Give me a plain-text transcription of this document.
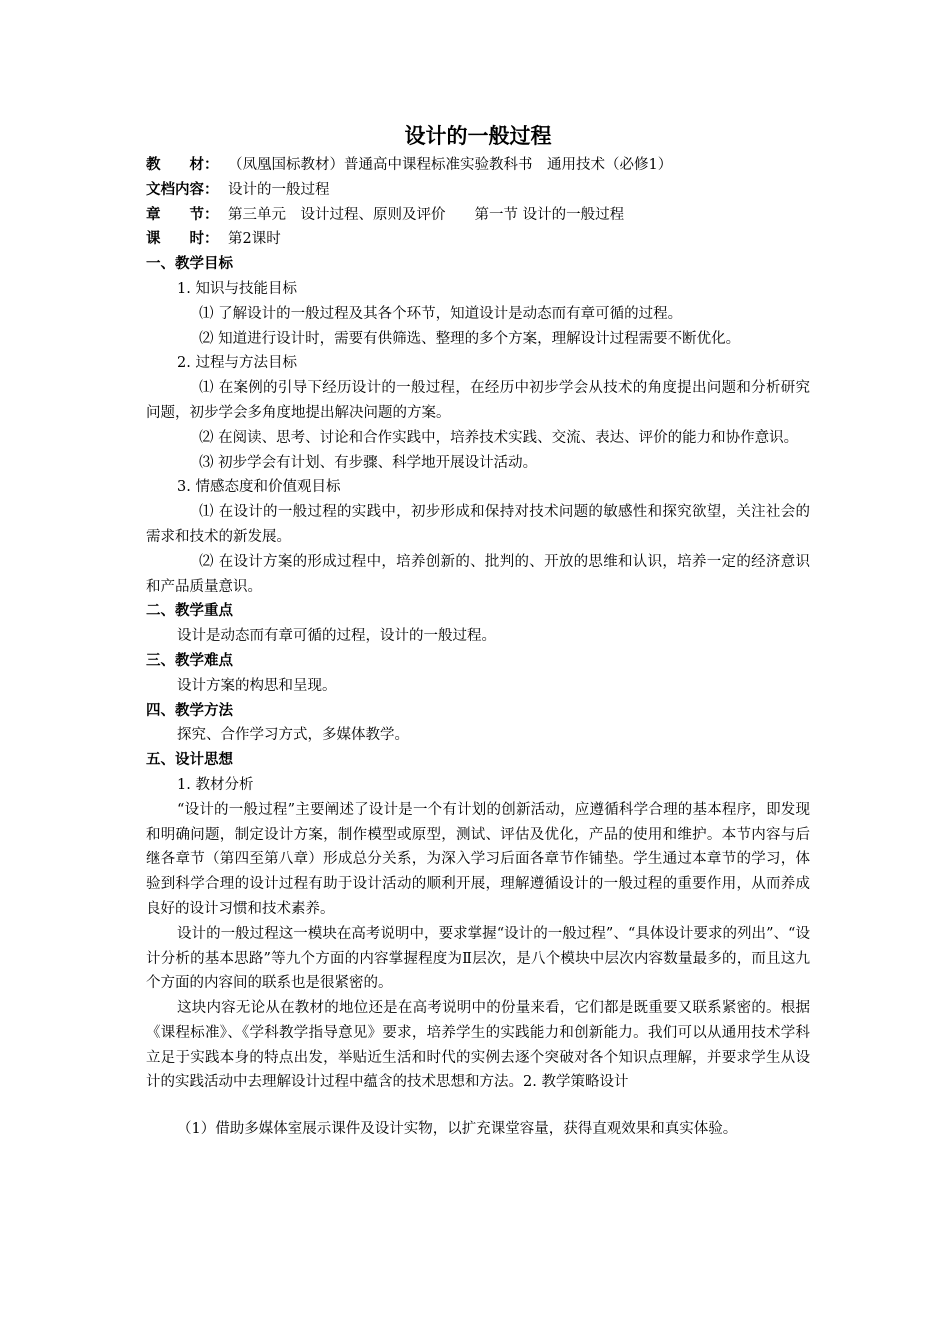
设计的一般过程

教　　材： （凤凰国标教材）普通高中课程标准实验教科书　通用技术（必修1）

文档内容： 设计的一般过程

章　　节： 第三单元　设计过程、原则及评价　　第一节 设计的一般过程

课　　时： 第2课时

一、教学目标

1. 知识与技能目标

⑴ 了解设计的一般过程及其各个环节，知道设计是动态而有章可循的过程。

⑵ 知道进行设计时，需要有供筛选、整理的多个方案，理解设计过程需要不断优化。

2. 过程与方法目标

⑴ 在案例的引导下经历设计的一般过程，在经历中初步学会从技术的角度提出问题和分析研究问题，初步学会多角度地提出解决问题的方案。

⑵ 在阅读、思考、讨论和合作实践中，培养技术实践、交流、表达、评价的能力和协作意识。

⑶ 初步学会有计划、有步骤、科学地开展设计活动。

3. 情感态度和价值观目标

⑴ 在设计的一般过程的实践中，初步形成和保持对技术问题的敏感性和探究欲望，关注社会的需求和技术的新发展。

⑵ 在设计方案的形成过程中，培养创新的、批判的、开放的思维和认识，培养一定的经济意识和产品质量意识。

二、教学重点

设计是动态而有章可循的过程，设计的一般过程。

三、教学难点

设计方案的构思和呈现。

四、教学方法

探究、合作学习方式，多媒体教学。

五、设计思想

1. 教材分析

“设计的一般过程”主要阐述了设计是一个有计划的创新活动，应遵循科学合理的基本程序，即发现和明确问题，制定设计方案，制作模型或原型，测试、评估及优化，产品的使用和维护。本节内容与后继各章节（第四至第八章）形成总分关系，为深入学习后面各章节作铺垫。学生通过本章节的学习，体验到科学合理的设计过程有助于设计活动的顺利开展，理解遵循设计的一般过程的重要作用，从而养成良好的设计习惯和技术素养。

设计的一般过程这一模块在高考说明中，要求掌握“设计的一般过程”、“具体设计要求的列出”、“设计分析的基本思路”等九个方面的内容掌握程度为Ⅱ层次，是八个模块中层次内容数量最多的，而且这九个方面的内容间的联系也是很紧密的。

这块内容无论从在教材的地位还是在高考说明中的份量来看，它们都是既重要又联系紧密的。根据《课程标准》、《学科教学指导意见》要求，培养学生的实践能力和创新能力。我们可以从通用技术学科立足于实践本身的特点出发，举贴近生活和时代的实例去逐个突破对各个知识点理解，并要求学生从设计的实践活动中去理解设计过程中蕴含的技术思想和方法。2. 教学策略设计

（1）借助多媒体室展示课件及设计实物，以扩充课堂容量，获得直观效果和真实体验。
